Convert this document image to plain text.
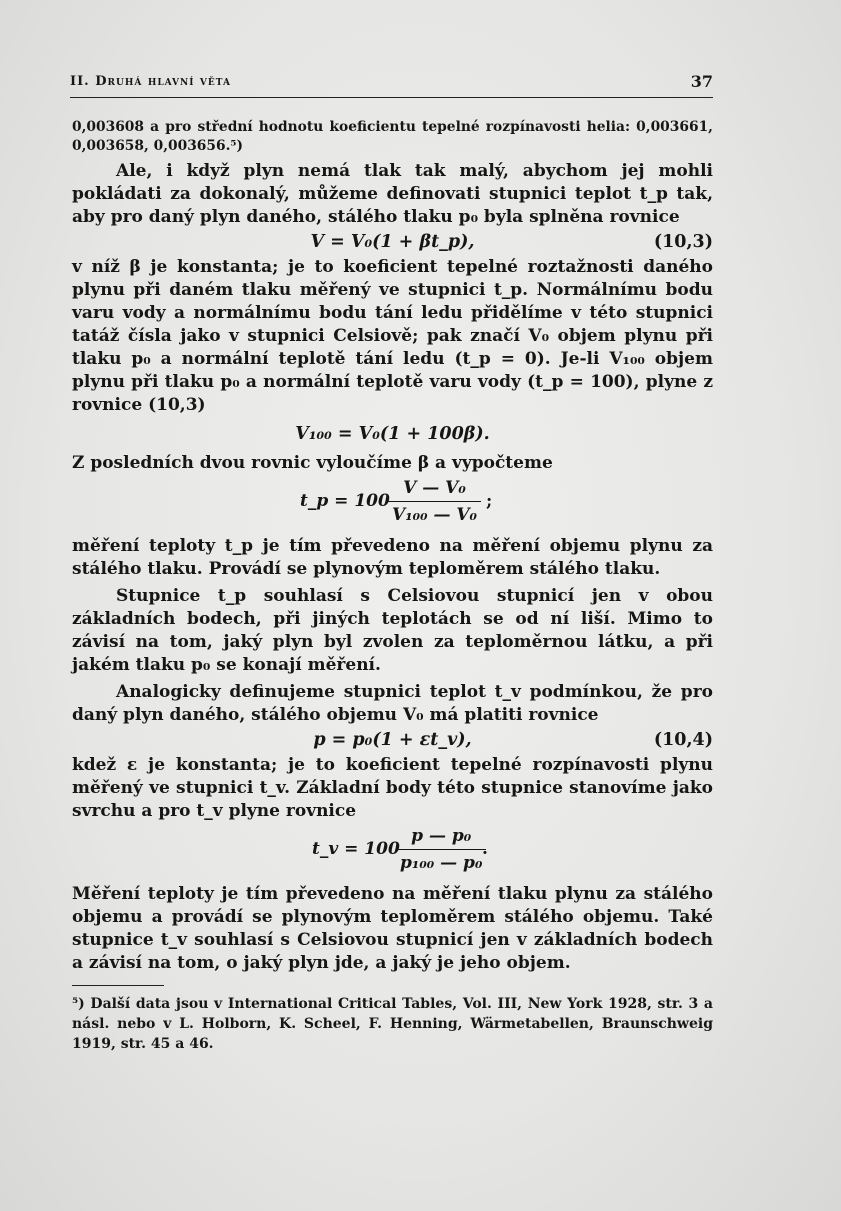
II. Druhá hlavní věta	37

0,003608 a pro střední hodnotu koeficientu tepelné rozpínavosti helia: 0,003661, 0,003658, 0,003656.⁵)

Ale, i když plyn nemá tlak tak malý, abychom jej mohli pokládati za dokonalý, můžeme definovati stupnici teplot t_p tak, aby pro daný plyn daného, stálého tlaku p₀ byla splněna rovnice

V = V₀(1 + βt_p),	(10,3)

v níž β je konstanta; je to koeficient tepelné roztažnosti daného plynu při daném tlaku měřený ve stupnici t_p. Normálnímu bodu varu vody a normálnímu bodu tání ledu přidělíme v této stupnici tatáž čísla jako v stupnici Celsiově; pak značí V₀ objem plynu při tlaku p₀ a normální teplotě tání ledu (t_p = 0). Je-li V₁₀₀ objem plynu při tlaku p₀ a normální teplotě varu vody (t_p = 100), plyne z rovnice (10,3)

V₁₀₀ = V₀(1 + 100β).

Z posledních dvou rovnic vyloučíme β a vypočteme

t_p = 100
$\frac{\text{V — V₀}}{\text{V₁₀₀ — V₀}}$ ;

měření teploty t_p je tím převedeno na měření objemu plynu za stálého tlaku. Provádí se plynovým teploměrem stálého tlaku.

Stupnice t_p souhlasí s Celsiovou stupnicí jen v obou základních bodech, při jiných teplotách se od ní liší. Mimo to závisí na tom, jaký plyn byl zvolen za teploměrnou látku, a při jakém tlaku p₀ se konají měření.

Analogicky definujeme stupnici teplot t_v podmínkou, že pro daný plyn daného, stálého objemu V₀ má platiti rovnice

p = p₀(1 + εt_v),	(10,4)

kdež ε je konstanta; je to koeficient tepelné rozpínavosti plynu měřený ve stupnici t_v. Základní body této stupnice stanovíme jako svrchu a pro t_v plyne rovnice

t_v = 100
$\frac{\text{p — p₀}}{\text{p₁₀₀ — p₀}}$
.

Měření teploty je tím převedeno na měření tlaku plynu za stálého objemu a provádí se plynovým teploměrem stálého objemu. Také stupnice t_v souhlasí s Celsiovou stupnicí jen v základních bodech a závisí na tom, o jaký plyn jde, a jaký je jeho objem.

⁵) Další data jsou v International Critical Tables, Vol. III, New York 1928, str. 3 a násl. nebo v L. Holborn, K. Scheel, F. Henning, Wärmetabellen, Braunschweig 1919, str. 45 a 46.
